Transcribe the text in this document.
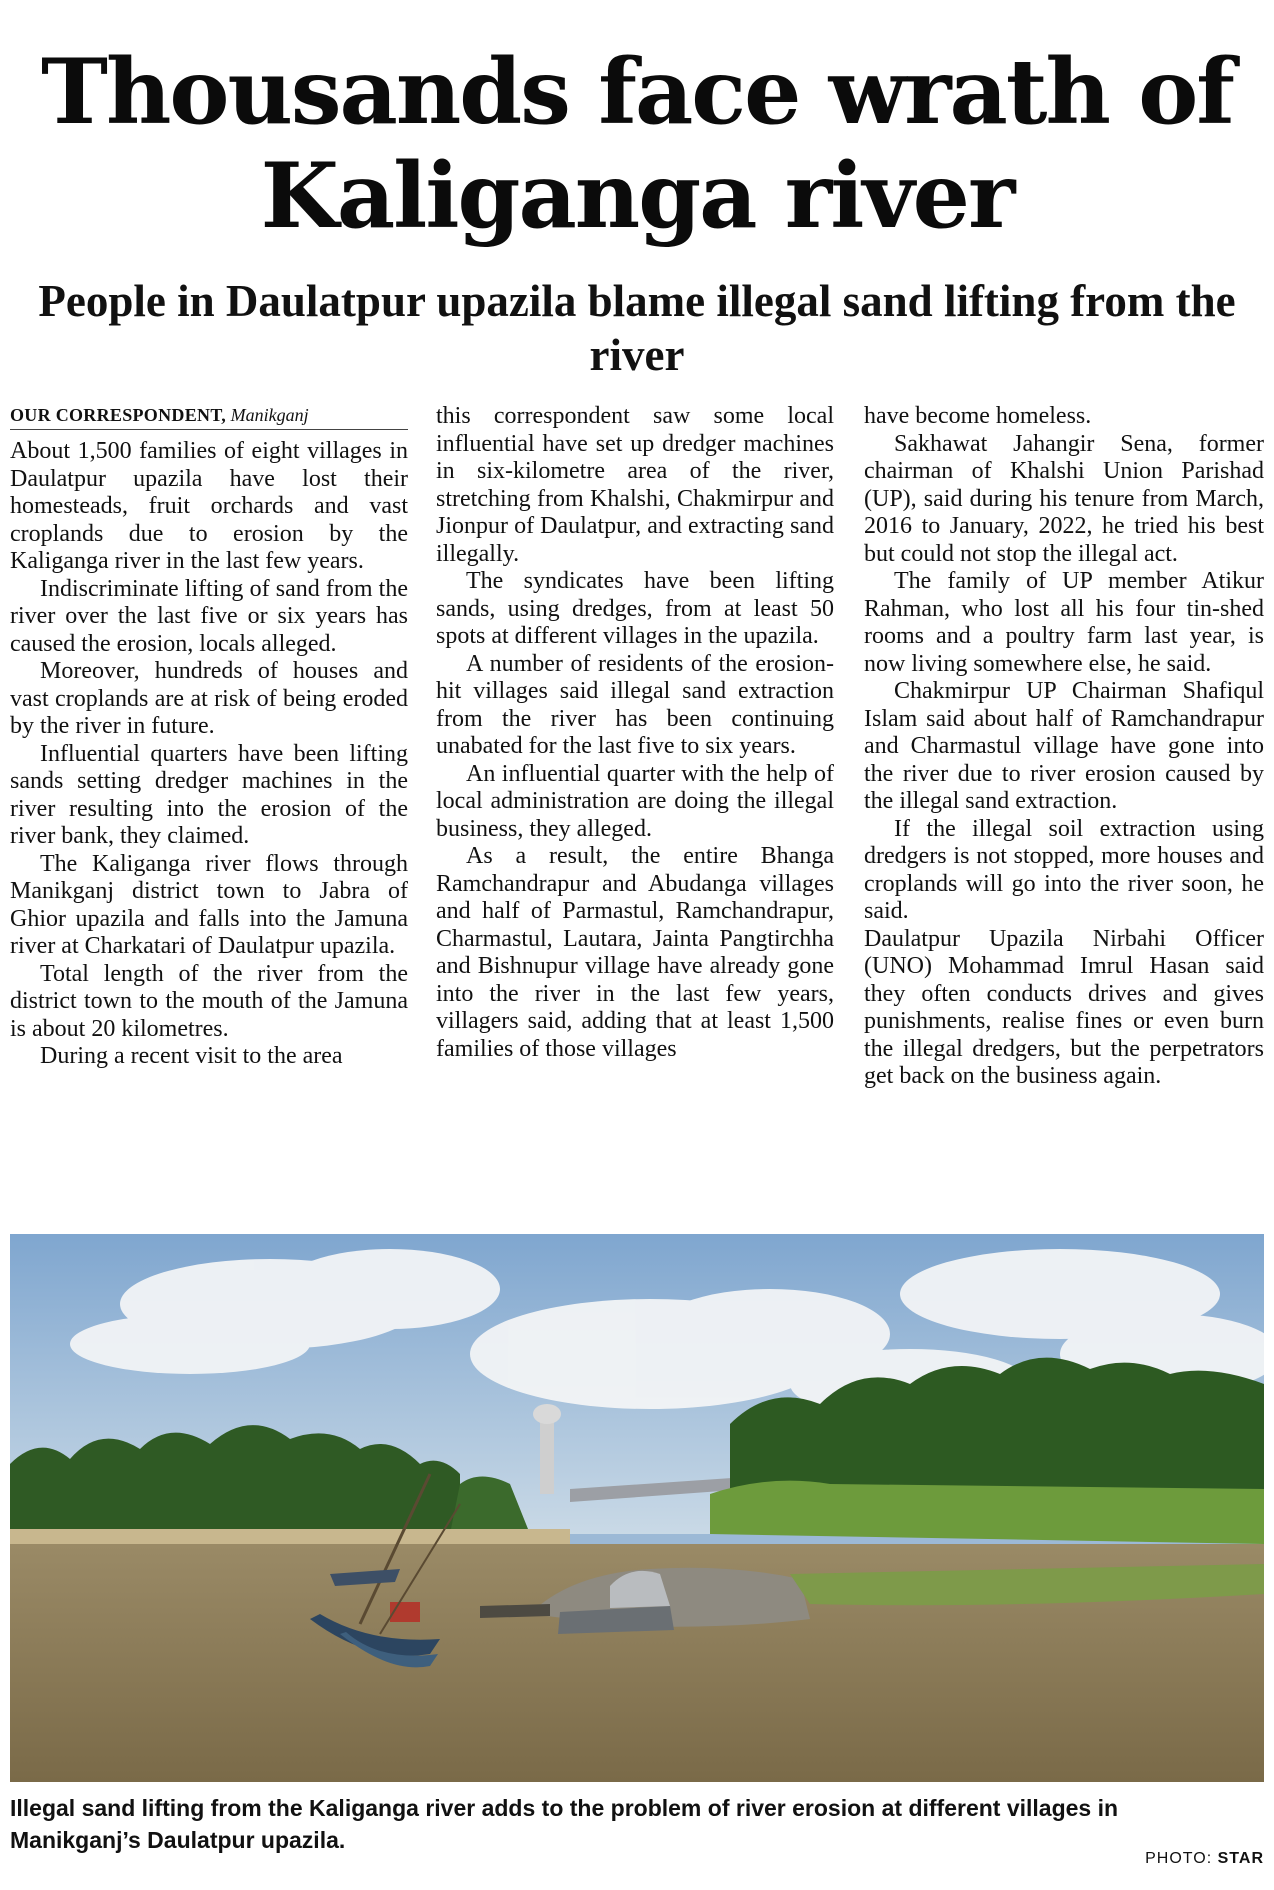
Thousands face wrath of Kaliganga river
People in Daulatpur upazila blame illegal sand lifting from the river
OUR CORRESPONDENT, Manikganj

About 1,500 families of eight villages in Daulatpur upazila have lost their homesteads, fruit orchards and vast croplands due to erosion by the Kaliganga river in the last few years.

Indiscriminate lifting of sand from the river over the last five or six years has caused the erosion, locals alleged.

Moreover, hundreds of houses and vast croplands are at risk of being eroded by the river in future.

Influential quarters have been lifting sands setting dredger machines in the river resulting into the erosion of the river bank, they claimed.

The Kaliganga river flows through Manikganj district town to Jabra of Ghior upazila and falls into the Jamuna river at Charkatari of Daulatpur upazila.

Total length of the river from the district town to the mouth of the Jamuna is about 20 kilometres.

During a recent visit to the area

this correspondent saw some local influential have set up dredger machines in six-kilometre area of the river, stretching from Khalshi, Chakmirpur and Jionpur of Daulatpur, and extracting sand illegally.

The syndicates have been lifting sands, using dredges, from at least 50 spots at different villages in the upazila.

A number of residents of the erosion-hit villages said illegal sand extraction from the river has been continuing unabated for the last five to six years.

An influential quarter with the help of local administration are doing the illegal business, they alleged.

As a result, the entire Bhanga Ramchandrapur and Abudanga villages and half of Parmastul, Ramchandrapur, Charmastul, Lautara, Jainta Pangtirchha and Bishnupur village have already gone into the river in the last few years, villagers said, adding that at least 1,500 families of those villages

have become homeless.

Sakhawat Jahangir Sena, former chairman of Khalshi Union Parishad (UP), said during his tenure from March, 2016 to January, 2022, he tried his best but could not stop the illegal act.

The family of UP member Atikur Rahman, who lost all his four tin-shed rooms and a poultry farm last year, is now living somewhere else, he said.

Chakmirpur UP Chairman Shafiqul Islam said about half of Ramchandrapur and Charmastul village have gone into the river due to river erosion caused by the illegal sand extraction.

If the illegal soil extraction using dredgers is not stopped, more houses and croplands will go into the river soon, he said.

Daulatpur Upazila Nirbahi Officer (UNO) Mohammad Imrul Hasan said they often conducts drives and gives punishments, realise fines or even burn the illegal dredgers, but the perpetrators get back on the business again.

Illegal sand lifting from the Kaliganga river adds to the problem of river erosion at different villages in Manikganj’s Daulatpur upazila.

PHOTO: STAR
